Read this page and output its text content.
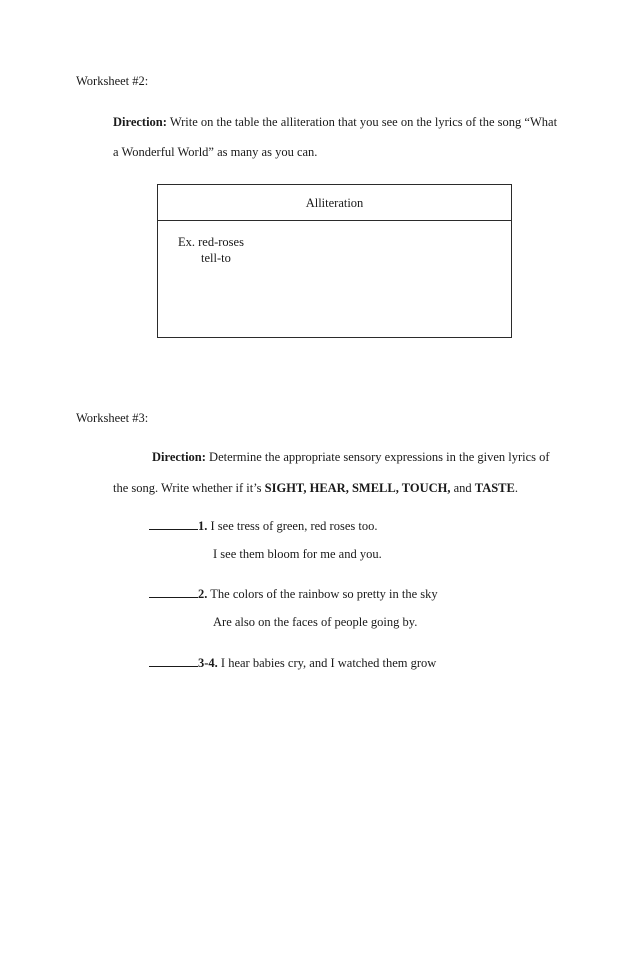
Worksheet #2:
Direction: Write on the table the alliteration that you see on the lyrics of the song “What
a Wonderful World” as many as you can.
Alliteration
Ex. red-roses
tell-to
Worksheet #3:
Direction: Determine the appropriate sensory expressions in the given lyrics of
the song. Write whether if it’s SIGHT, HEAR, SMELL, TOUCH, and TASTE.
1. I see tress of green, red roses too.
I see them bloom for me and you.
2. The colors of the rainbow so pretty in the sky
Are also on the faces of people going by.
3-4. I hear babies cry, and I watched them grow
